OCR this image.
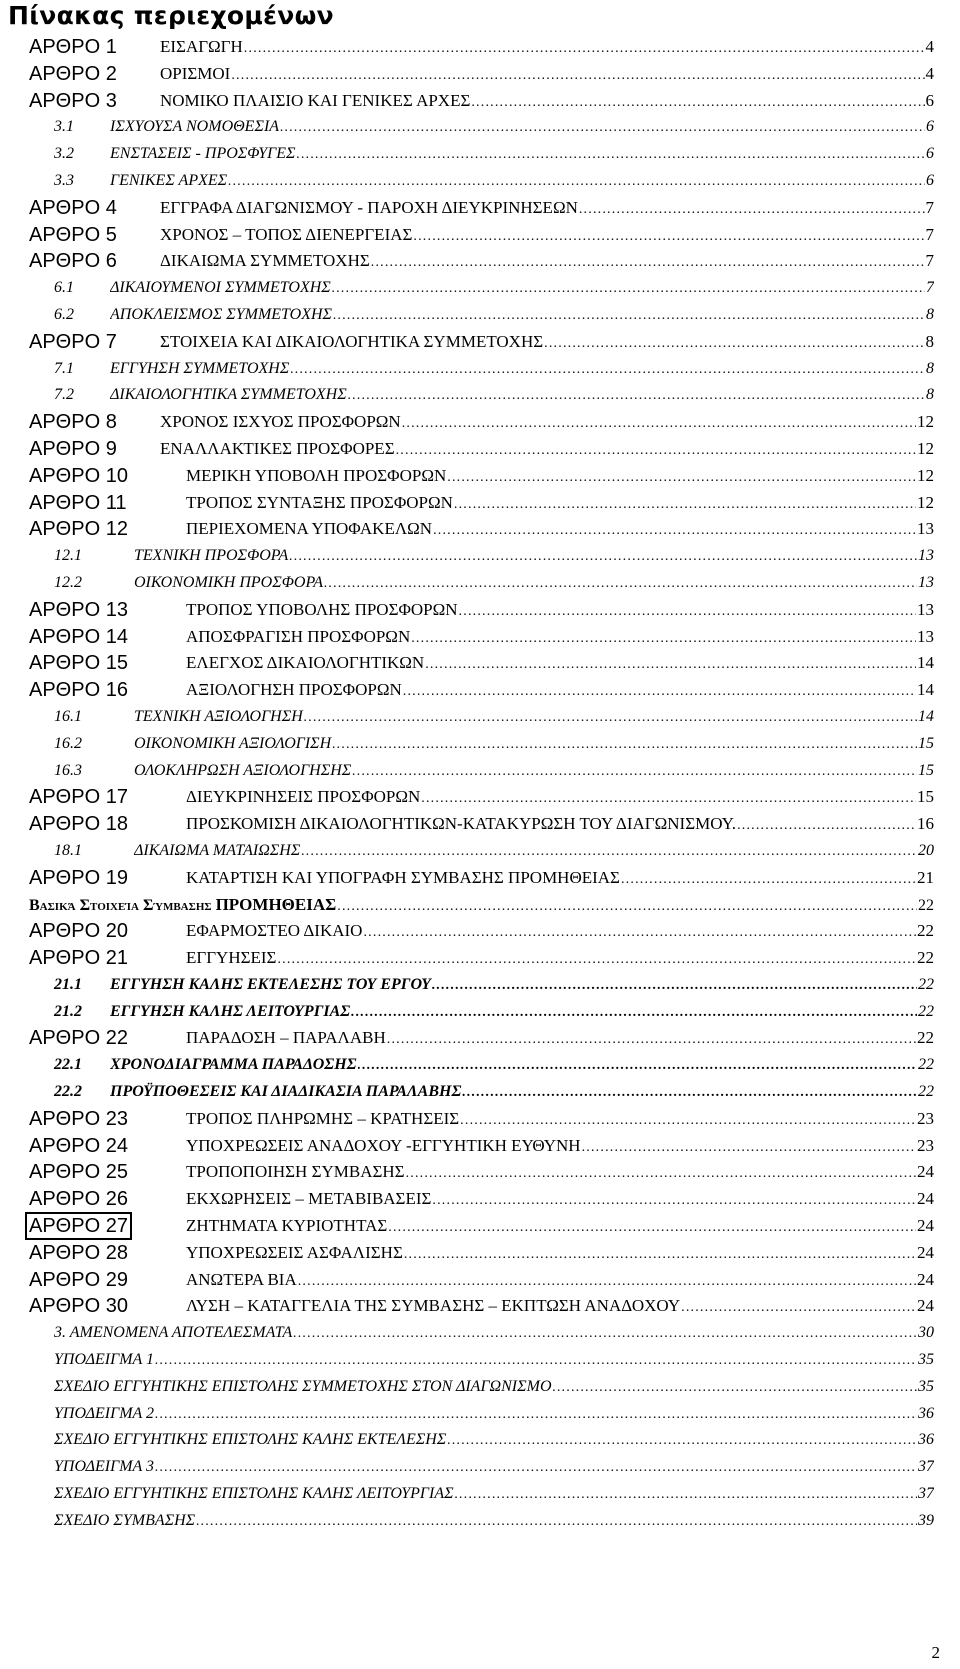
Πίνακας περιεχομένων
ΑΡΘΡΟ 1	ΕΙΣΑΓΩΓΗ .....	4
ΑΡΘΡΟ 2	ΟΡΙΣΜΟΙ .....	4
ΑΡΘΡΟ 3	ΝΟΜΙΚΟ ΠΛΑΙΣΙΟ ΚΑΙ ΓΕΝΙΚΕΣ ΑΡΧΕΣ .....	6
3.1 ΙΣΧΥΟΥΣΑ ΝΟΜΟΘΕΣΙΑ .....	6
3.2 ΕΝΣΤΑΣΕΙΣ - ΠΡΟΣΦΥΓΕΣ .....	6
3.3 ΓΕΝΙΚΕΣ ΑΡΧΕΣ .....	6
ΑΡΘΡΟ 4	ΕΓΓΡΑΦΑ ΔΙΑΓΩΝΙΣΜΟΥ - ΠΑΡΟΧΗ ΔΙΕΥΚΡΙΝΗΣΕΩΝ .....	7
ΑΡΘΡΟ 5	ΧΡΟΝΟΣ – ΤΟΠΟΣ ΔΙΕΝΕΡΓΕΙΑΣ .....	7
ΑΡΘΡΟ 6	ΔΙΚΑΙΩΜΑ ΣΥΜΜΕΤΟΧΗΣ .....	7
6.1 ΔΙΚΑΙΟΥΜΕΝΟΙ ΣΥΜΜΕΤΟΧΗΣ .....	7
6.2 ΑΠΟΚΛΕΙΣΜΟΣ ΣΥΜΜΕΤΟΧΗΣ .....	8
ΑΡΘΡΟ 7	ΣΤΟΙΧΕΙΑ ΚΑΙ ΔΙΚΑΙΟΛΟΓΗΤΙΚΑ ΣΥΜΜΕΤΟΧΗΣ .....	8
7.1 ΕΓΓΥΗΣΗ ΣΥΜΜΕΤΟΧΗΣ .....	8
7.2 ΔΙΚΑΙΟΛΟΓΗΤΙΚΑ ΣΥΜΜΕΤΟΧΗΣ .....	8
ΑΡΘΡΟ 8	ΧΡΟΝΟΣ ΙΣΧΥΟΣ ΠΡΟΣΦΟΡΩΝ .....	12
ΑΡΘΡΟ 9	ΕΝΑΛΛΑΚΤΙΚΕΣ ΠΡΟΣΦΟΡΕΣ .....	12
ΑΡΘΡΟ 10	ΜΕΡΙΚΗ ΥΠΟΒΟΛΗ ΠΡΟΣΦΟΡΩΝ .....	12
ΑΡΘΡΟ 11	ΤΡΟΠΟΣ ΣΥΝΤΑΞΗΣ ΠΡΟΣΦΟΡΩΝ .....	12
ΑΡΘΡΟ 12	ΠΕΡΙΕΧΟΜΕΝΑ ΥΠΟΦΑΚΕΛΩΝ .....	13
12.1	ΤΕΧΝΙΚΗ ΠΡΟΣΦΟΡΑ .....	13
12.2	ΟΙΚΟΝΟΜΙΚΗ ΠΡΟΣΦΟΡΑ .....	13
ΑΡΘΡΟ 13	ΤΡΟΠΟΣ ΥΠΟΒΟΛΗΣ ΠΡΟΣΦΟΡΩΝ .....	13
ΑΡΘΡΟ 14	ΑΠΟΣΦΡΑΓΙΣΗ ΠΡΟΣΦΟΡΩΝ .....	13
ΑΡΘΡΟ 15	ΕΛΕΓΧΟΣ ΔΙΚΑΙΟΛΟΓΗΤΙΚΩΝ .....	14
ΑΡΘΡΟ 16	ΑΞΙΟΛΟΓΗΣΗ ΠΡΟΣΦΟΡΩΝ .....	14
16.1	ΤΕΧΝΙΚΗ ΑΞΙΟΛΟΓΗΣΗ .....	14
16.2	ΟΙΚΟΝΟΜΙΚΗ ΑΞΙΟΛΟΓΙΣΗ .....	15
16.3	ΟΛΟΚΛΗΡΩΣΗ ΑΞΙΟΛΟΓΗΣΗΣ .....	15
ΑΡΘΡΟ 17	ΔΙΕΥΚΡΙΝΗΣΕΙΣ ΠΡΟΣΦΟΡΩΝ .....	15
ΑΡΘΡΟ 18	ΠΡΟΣΚΟΜΙΣΗ ΔΙΚΑΙΟΛΟΓΗΤΙΚΩΝ-ΚΑΤΑΚΥΡΩΣΗ ΤΟΥ ΔΙΑΓΩΝΙΣΜΟΥ. .....	16
18.1	ΔΙΚΑΙΩΜΑ ΜΑΤΑΙΩΣΗΣ .....	20
ΑΡΘΡΟ 19	ΚΑΤΑΡΤΙΣΗ ΚΑΙ ΥΠΟΓΡΑΦΗ ΣΥΜΒΑΣΗΣ ΠΡΟΜΗΘΕΙΑΣ .....	21
Βασικά Στοιχεία Σύμβασης ΠΡΟΜΗΘΕΙΑΣ .....	22
ΑΡΘΡΟ 20	ΕΦΑΡΜΟΣΤΕΟ ΔΙΚΑΙΟ .....	22
ΑΡΘΡΟ 21	ΕΓΓΥΗΣΕΙΣ .....	22
21.1 ΕΓΓΥΗΣΗ ΚΑΛΗΣ ΕΚΤΕΛΕΣΗΣ ΤΟΥ ΕΡΓΟΥ .....	22
21.2 ΕΓΓΥΗΣΗ ΚΑΛΗΣ ΛΕΙΤΟΥΡΓΙΑΣ .....	22
ΑΡΘΡΟ 22	ΠΑΡΑΔΟΣΗ – ΠΑΡΑΛΑΒΗ .....	22
22.1 ΧΡΟΝΟΔΙΑΓΡΑΜΜΑ ΠΑΡΑΔΟΣΗΣ .....	22
22.2 ΠΡΟΫΠΟΘΕΣΕΙΣ ΚΑΙ ΔΙΑΔΙΚΑΣΙΑ ΠΑΡΑΛΑΒΗΣ .....	22
ΑΡΘΡΟ 23	ΤΡΟΠΟΣ ΠΛΗΡΩΜΗΣ – ΚΡΑΤΗΣΕΙΣ .....	23
ΑΡΘΡΟ 24	ΥΠΟΧΡΕΩΣΕΙΣ ΑΝΑΔΟΧΟΥ -ΕΓΓΥΗΤΙΚΗ ΕΥΘΥΝΗ .....	23
ΑΡΘΡΟ 25	ΤΡΟΠΟΠΟΙΗΣΗ ΣΥΜΒΑΣΗΣ .....	24
ΑΡΘΡΟ 26	ΕΚΧΩΡΗΣΕΙΣ – ΜΕΤΑΒΙΒΑΣΕΙΣ .....	24
ΑΡΘΡΟ 27	ΖΗΤΗΜΑΤΑ ΚΥΡΙΟΤΗΤΑΣ .....	24
ΑΡΘΡΟ 28	ΥΠΟΧΡΕΩΣΕΙΣ ΑΣΦΑΛΙΣΗΣ .....	24
ΑΡΘΡΟ 29	ΑΝΩΤΕΡΑ ΒΙΑ .....	24
ΑΡΘΡΟ 30	ΛΥΣΗ – ΚΑΤΑΓΓΕΛΙΑ ΤΗΣ ΣΥΜΒΑΣΗΣ – ΕΚΠΤΩΣΗ ΑΝΑΔΟΧΟΥ .....	24
3. ΑΜΕΝΟΜΕΝΑ ΑΠΟΤΕΛΕΣΜΑΤΑ .....	30
ΥΠΟΔΕΙΓΜΑ 1 .....	35
ΣΧΕΔΙΟ ΕΓΓΥΗΤΙΚΗΣ ΕΠΙΣΤΟΛΗΣ ΣΥΜΜΕΤΟΧΗΣ ΣΤΟΝ ΔΙΑΓΩΝΙΣΜΟ .....	35
ΥΠΟΔΕΙΓΜΑ 2 .....	36
ΣΧΕΔΙΟ ΕΓΓΥΗΤΙΚΗΣ ΕΠΙΣΤΟΛΗΣ ΚΑΛΗΣ ΕΚΤΕΛΕΣΗΣ .....	36
ΥΠΟΔΕΙΓΜΑ 3 .....	37
ΣΧΕΔΙΟ ΕΓΓΥΗΤΙΚΗΣ ΕΠΙΣΤΟΛΗΣ ΚΑΛΗΣ ΛΕΙΤΟΥΡΓΙΑΣ .....	37
ΣΧΕΔΙΟ ΣΥΜΒΑΣΗΣ .....	39
2
